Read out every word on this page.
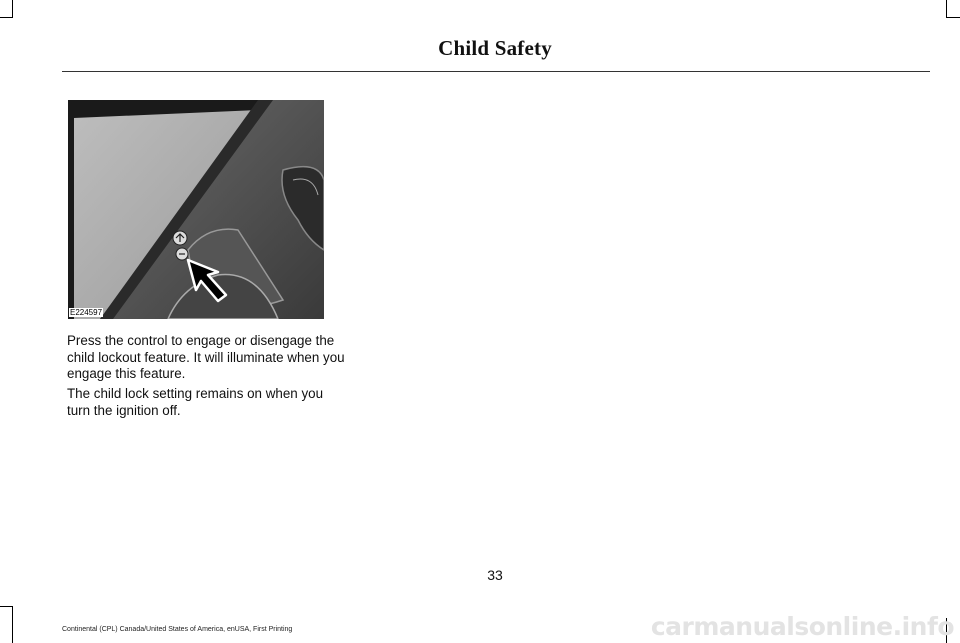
Child Safety
E224597

Press the control to engage or disengage the child lockout feature. It will illuminate when you engage this feature.

The child lock setting remains on when you turn the ignition off.

33
Continental (CPL) Canada/United States of America, enUSA, First Printing	carmanualsonline.info
